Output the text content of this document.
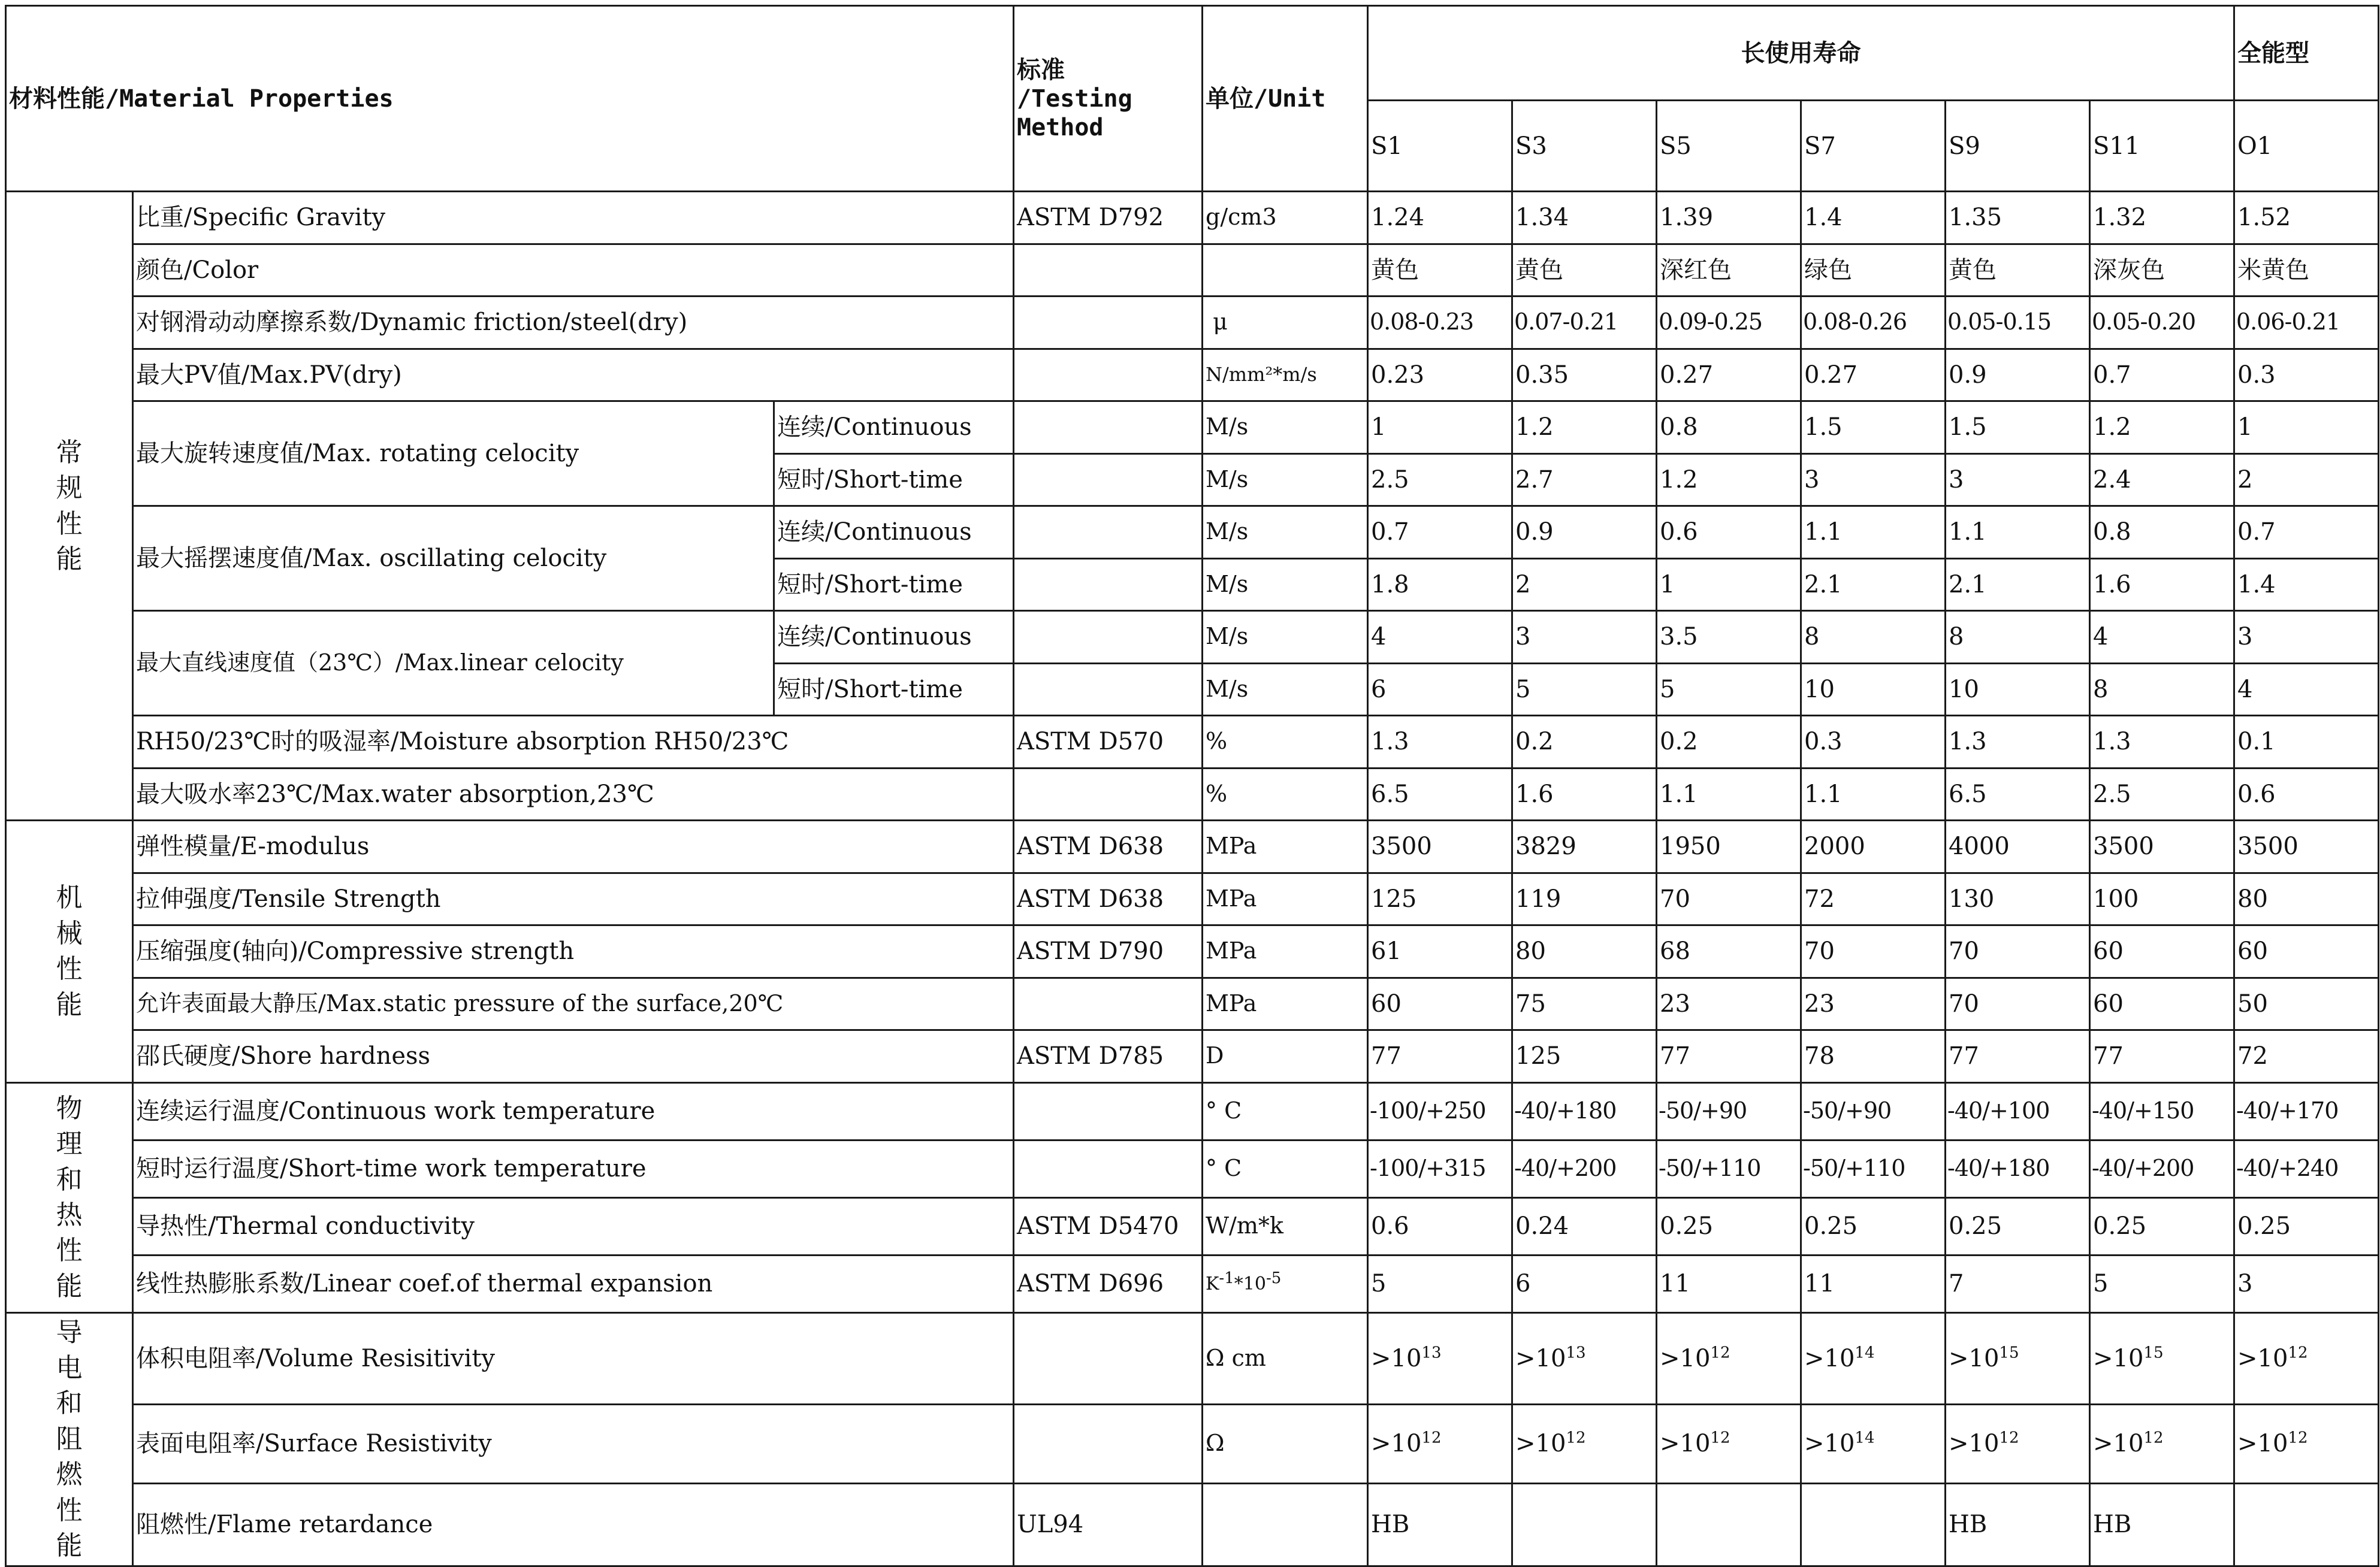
材料性能/Material Properties			标准
/Testing
Method	单位/Unit	长使用寿命						全能型
					S1	S3	S5	S7	S9	S11	O1
常规性能	比重/Specific Gravity		ASTM D792	g/cm3	1.24	1.34	1.39	1.4	1.35	1.32	1.52
	颜色/Color				黄色	黄色	深红色	绿色	黄色	深灰色	米黄色
	对钢滑动动摩擦系数/Dynamic friction/steel(dry)			μ	0.08-0.23	0.07-0.21	0.09-0.25	0.08-0.26	0.05-0.15	0.05-0.20	0.06-0.21
	最大PV值/Max.PV(dry)			N/mm²*m/s	0.23	0.35	0.27	0.27	0.9	0.7	0.3
	最大旋转速度值/Max. rotating celocity	连续/Continuous		M/s	1	1.2	0.8	1.5	1.5	1.2	1
		短时/Short-time		M/s	2.5	2.7	1.2	3	3	2.4	2
	最大摇摆速度值/Max. oscillating celocity	连续/Continuous		M/s	0.7	0.9	0.6	1.1	1.1	0.8	0.7
		短时/Short-time		M/s	1.8	2	1	2.1	2.1	1.6	1.4
	最大直线速度值（23℃）/Max.linear celocity	连续/Continuous		M/s	4	3	3.5	8	8	4	3
		短时/Short-time		M/s	6	5	5	10	10	8	4
	RH50/23℃时的吸湿率/Moisture absorption RH50/23℃		ASTM D570	%	1.3	0.2	0.2	0.3	1.3	1.3	0.1
	最大吸水率23℃/Max.water absorption,23℃			%	6.5	1.6	1.1	1.1	6.5	2.5	0.6
机械性能	弹性模量/E-modulus		ASTM D638	MPa	3500	3829	1950	2000	4000	3500	3500
	拉伸强度/Tensile Strength		ASTM D638	MPa	125	119	70	72	130	100	80
	压缩强度(轴向)/Compressive strength		ASTM D790	MPa	61	80	68	70	70	60	60
	允许表面最大静压/Max.static pressure of the surface,20℃			MPa	60	75	23	23	70	60	50
	邵氏硬度/Shore hardness		ASTM D785	D	77	125	77	78	77	77	72
物理和热性能	连续运行温度/Continuous work temperature			° C	-100/+250	-40/+180	-50/+90	-50/+90	-40/+100	-40/+150	-40/+170
	短时运行温度/Short-time work temperature			° C	-100/+315	-40/+200	-50/+110	-50/+110	-40/+180	-40/+200	-40/+240
	导热性/Thermal conductivity		ASTM D5470	W/m*k	0.6	0.24	0.25	0.25	0.25	0.25	0.25
	线性热膨胀系数/Linear coef.of thermal expansion		ASTM D696	$K^{-1}*10^{-5}$	5	6	11	11	7	5	3
导电和阻燃性能	体积电阻率/Volume Resisitivity			Ω cm	$>10^{13}$	$>10^{13}$	$>10^{12}$	$>10^{14}$	$>10^{15}$	$>10^{15}$	$>10^{12}$
	表面电阻率/Surface Resistivity			Ω	$>10^{12}$	$>10^{12}$	$>10^{12}$	$>10^{14}$	$>10^{12}$	$>10^{12}$	$>10^{12}$
	阻燃性/Flame retardance		UL94		HB				HB	HB	
